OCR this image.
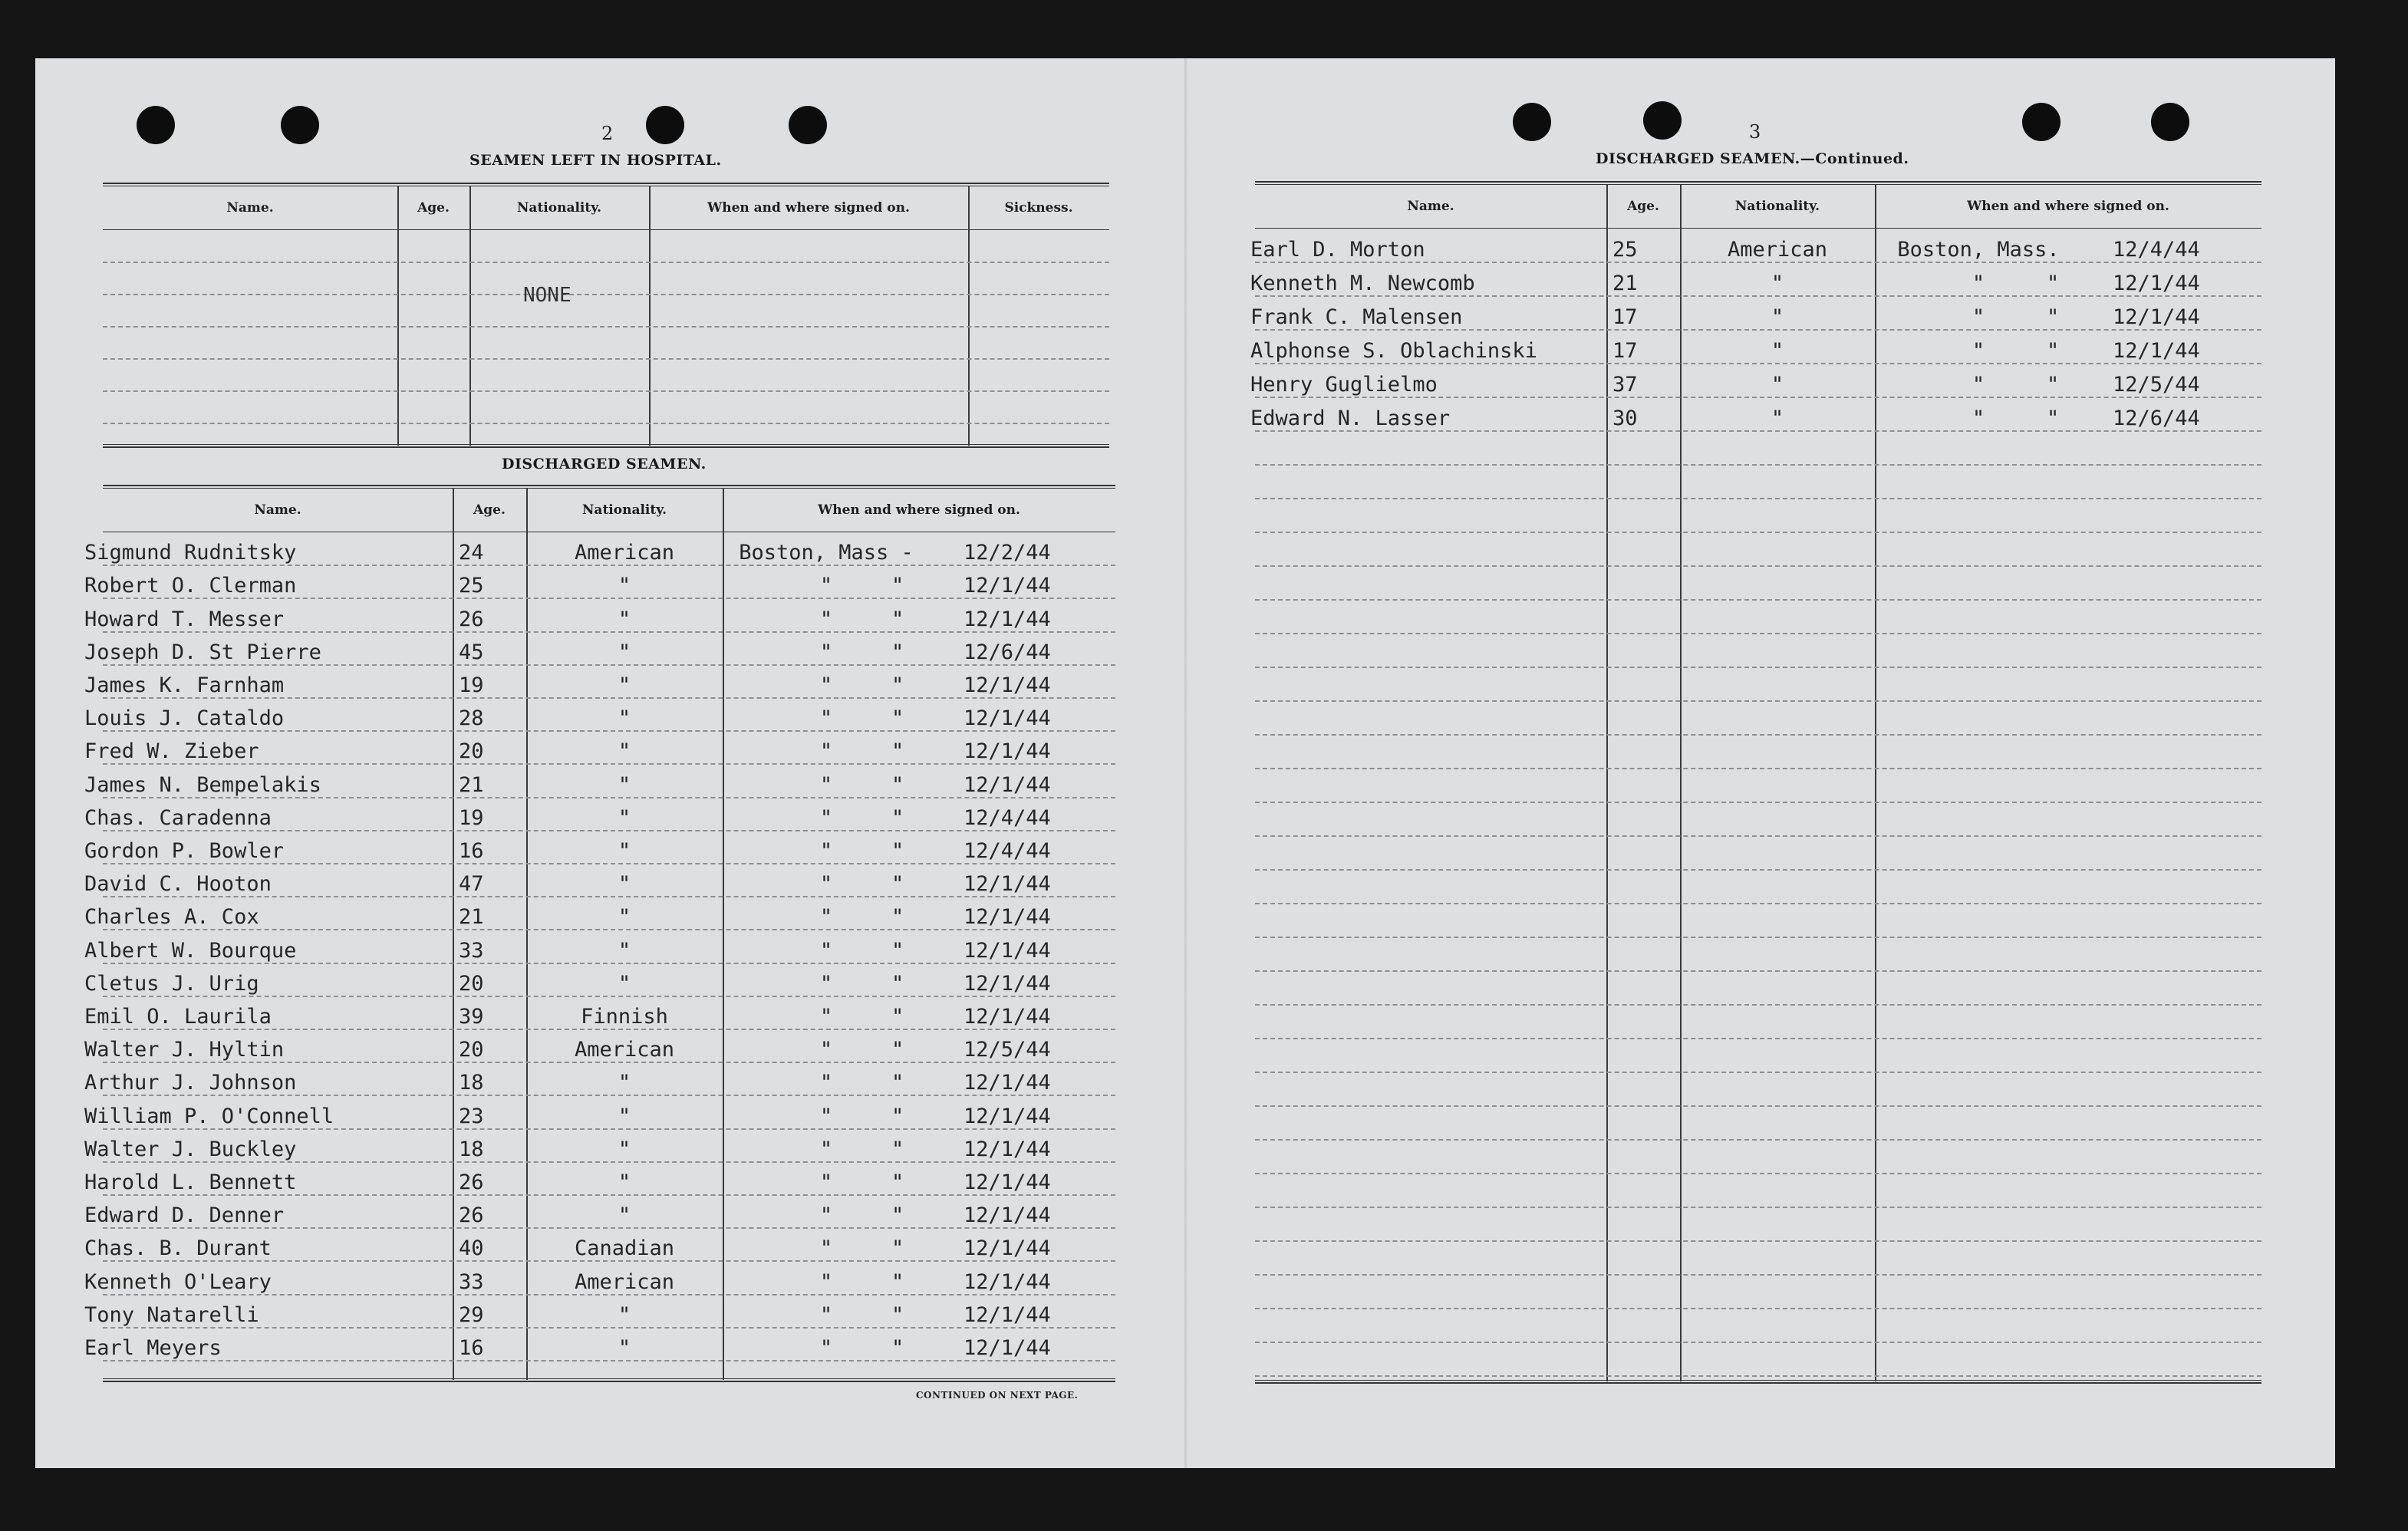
2
SEAMEN LEFT IN HOSPITAL.
Name.	Age.	Nationality.	When and where signed on.	Sickness.
NONE
DISCHARGED SEAMEN.
Name.	Age.	Nationality.	When and where signed on.
Sigmund Rudnitsky	24	American	Boston, Mass - 12/2/44
Robert O. Clerman	25	"	"	"	12/1/44
Howard T. Messer	26	"	"	"	12/1/44
Joseph D. St Pierre	45	"	"	"	12/6/44
James K. Farnham	19	"	"	"	12/1/44
Louis J. Cataldo	28	"	"	"	12/1/44
Fred W. Zieber	20	"	"	"	12/1/44
James N. Bempelakis	21	"	"	"	12/1/44
Chas. Caradenna	19	"	"	"	12/4/44
Gordon P. Bowler	16	"	"	"	12/4/44
David C. Hooton	47	"	"	"	12/1/44
Charles A. Cox	21	"	"	"	12/1/44
Albert W. Bourque	33	"	"	"	12/1/44
Cletus J. Urig	20	"	"	"	12/1/44
Emil O. Laurila	39	Finnish	"	"	12/1/44
Walter J. Hyltin	20	American	"	"	12/5/44
Arthur J. Johnson	18	"	"	"	12/1/44
William P. O'Connell	23	"	"	"	12/1/44
Walter J. Buckley	18	"	"	"	12/1/44
Harold L. Bennett	26	"	"	"	12/1/44
Edward D. Denner	26	"	"	"	12/1/44
Chas. B. Durant	40	Canadian	"	"	12/1/44
Kenneth O'Leary	33	American	"	"	12/1/44
Tony Natarelli	29	"	"	"	12/1/44
Earl Meyers	16	"	"	"	12/1/44
CONTINUED ON NEXT PAGE.
3
DISCHARGED SEAMEN.—Continued.
Name.	Age.	Nationality.	When and where signed on.
Earl D. Morton	25	American	Boston, Mass.	12/4/44
Kenneth M. Newcomb	21	"	"	"	12/1/44
Frank C. Malensen	17	"	"	"	12/1/44
Alphonse S. Oblachinski	17	"	"	"	12/1/44
Henry Guglielmo	37	"	"	"	12/5/44
Edward N. Lasser	30	"	"	"	12/6/44
